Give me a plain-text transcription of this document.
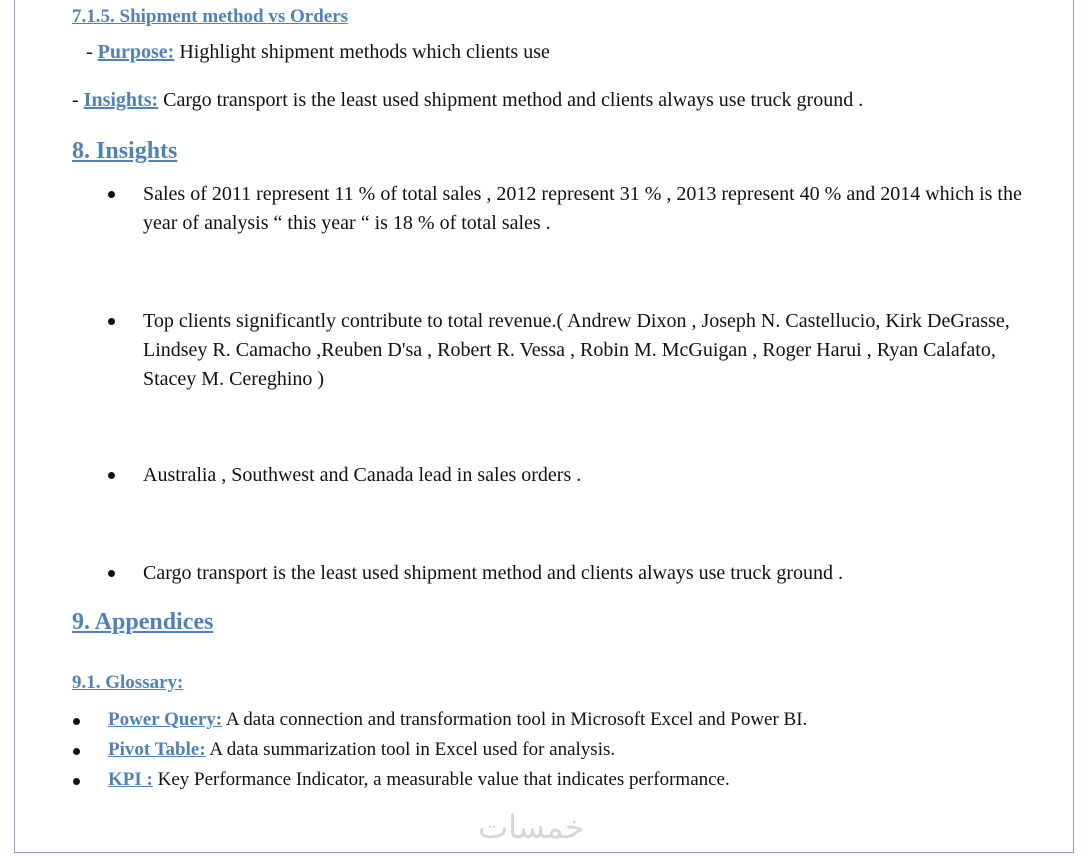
7.1.5. Shipment method vs Orders
- Purpose: Highlight shipment methods which clients use
- Insights: Cargo transport is the least used shipment method and clients always use truck ground .
8. Insights
Sales of 2011 represent 11 % of total sales , 2012 represent 31 % , 2013 represent 40 % and 2014 which is the year of analysis “ this year “ is 18 % of total sales .
Top clients significantly contribute to total revenue.( Andrew Dixon , Joseph N. Castellucio, Kirk DeGrasse, Lindsey R. Camacho ,Reuben D'sa , Robert R. Vessa , Robin M. McGuigan , Roger Harui , Ryan Calafato, Stacey M. Cereghino )
Australia , Southwest and Canada lead in sales orders .
Cargo transport is the least used shipment method and clients always use truck ground .
9. Appendices
9.1. Glossary:
Power Query: A data connection and transformation tool in Microsoft Excel and Power BI.
Pivot Table: A data summarization tool in Excel used for analysis.
KPI : Key Performance Indicator, a measurable value that indicates performance.
خمسات
